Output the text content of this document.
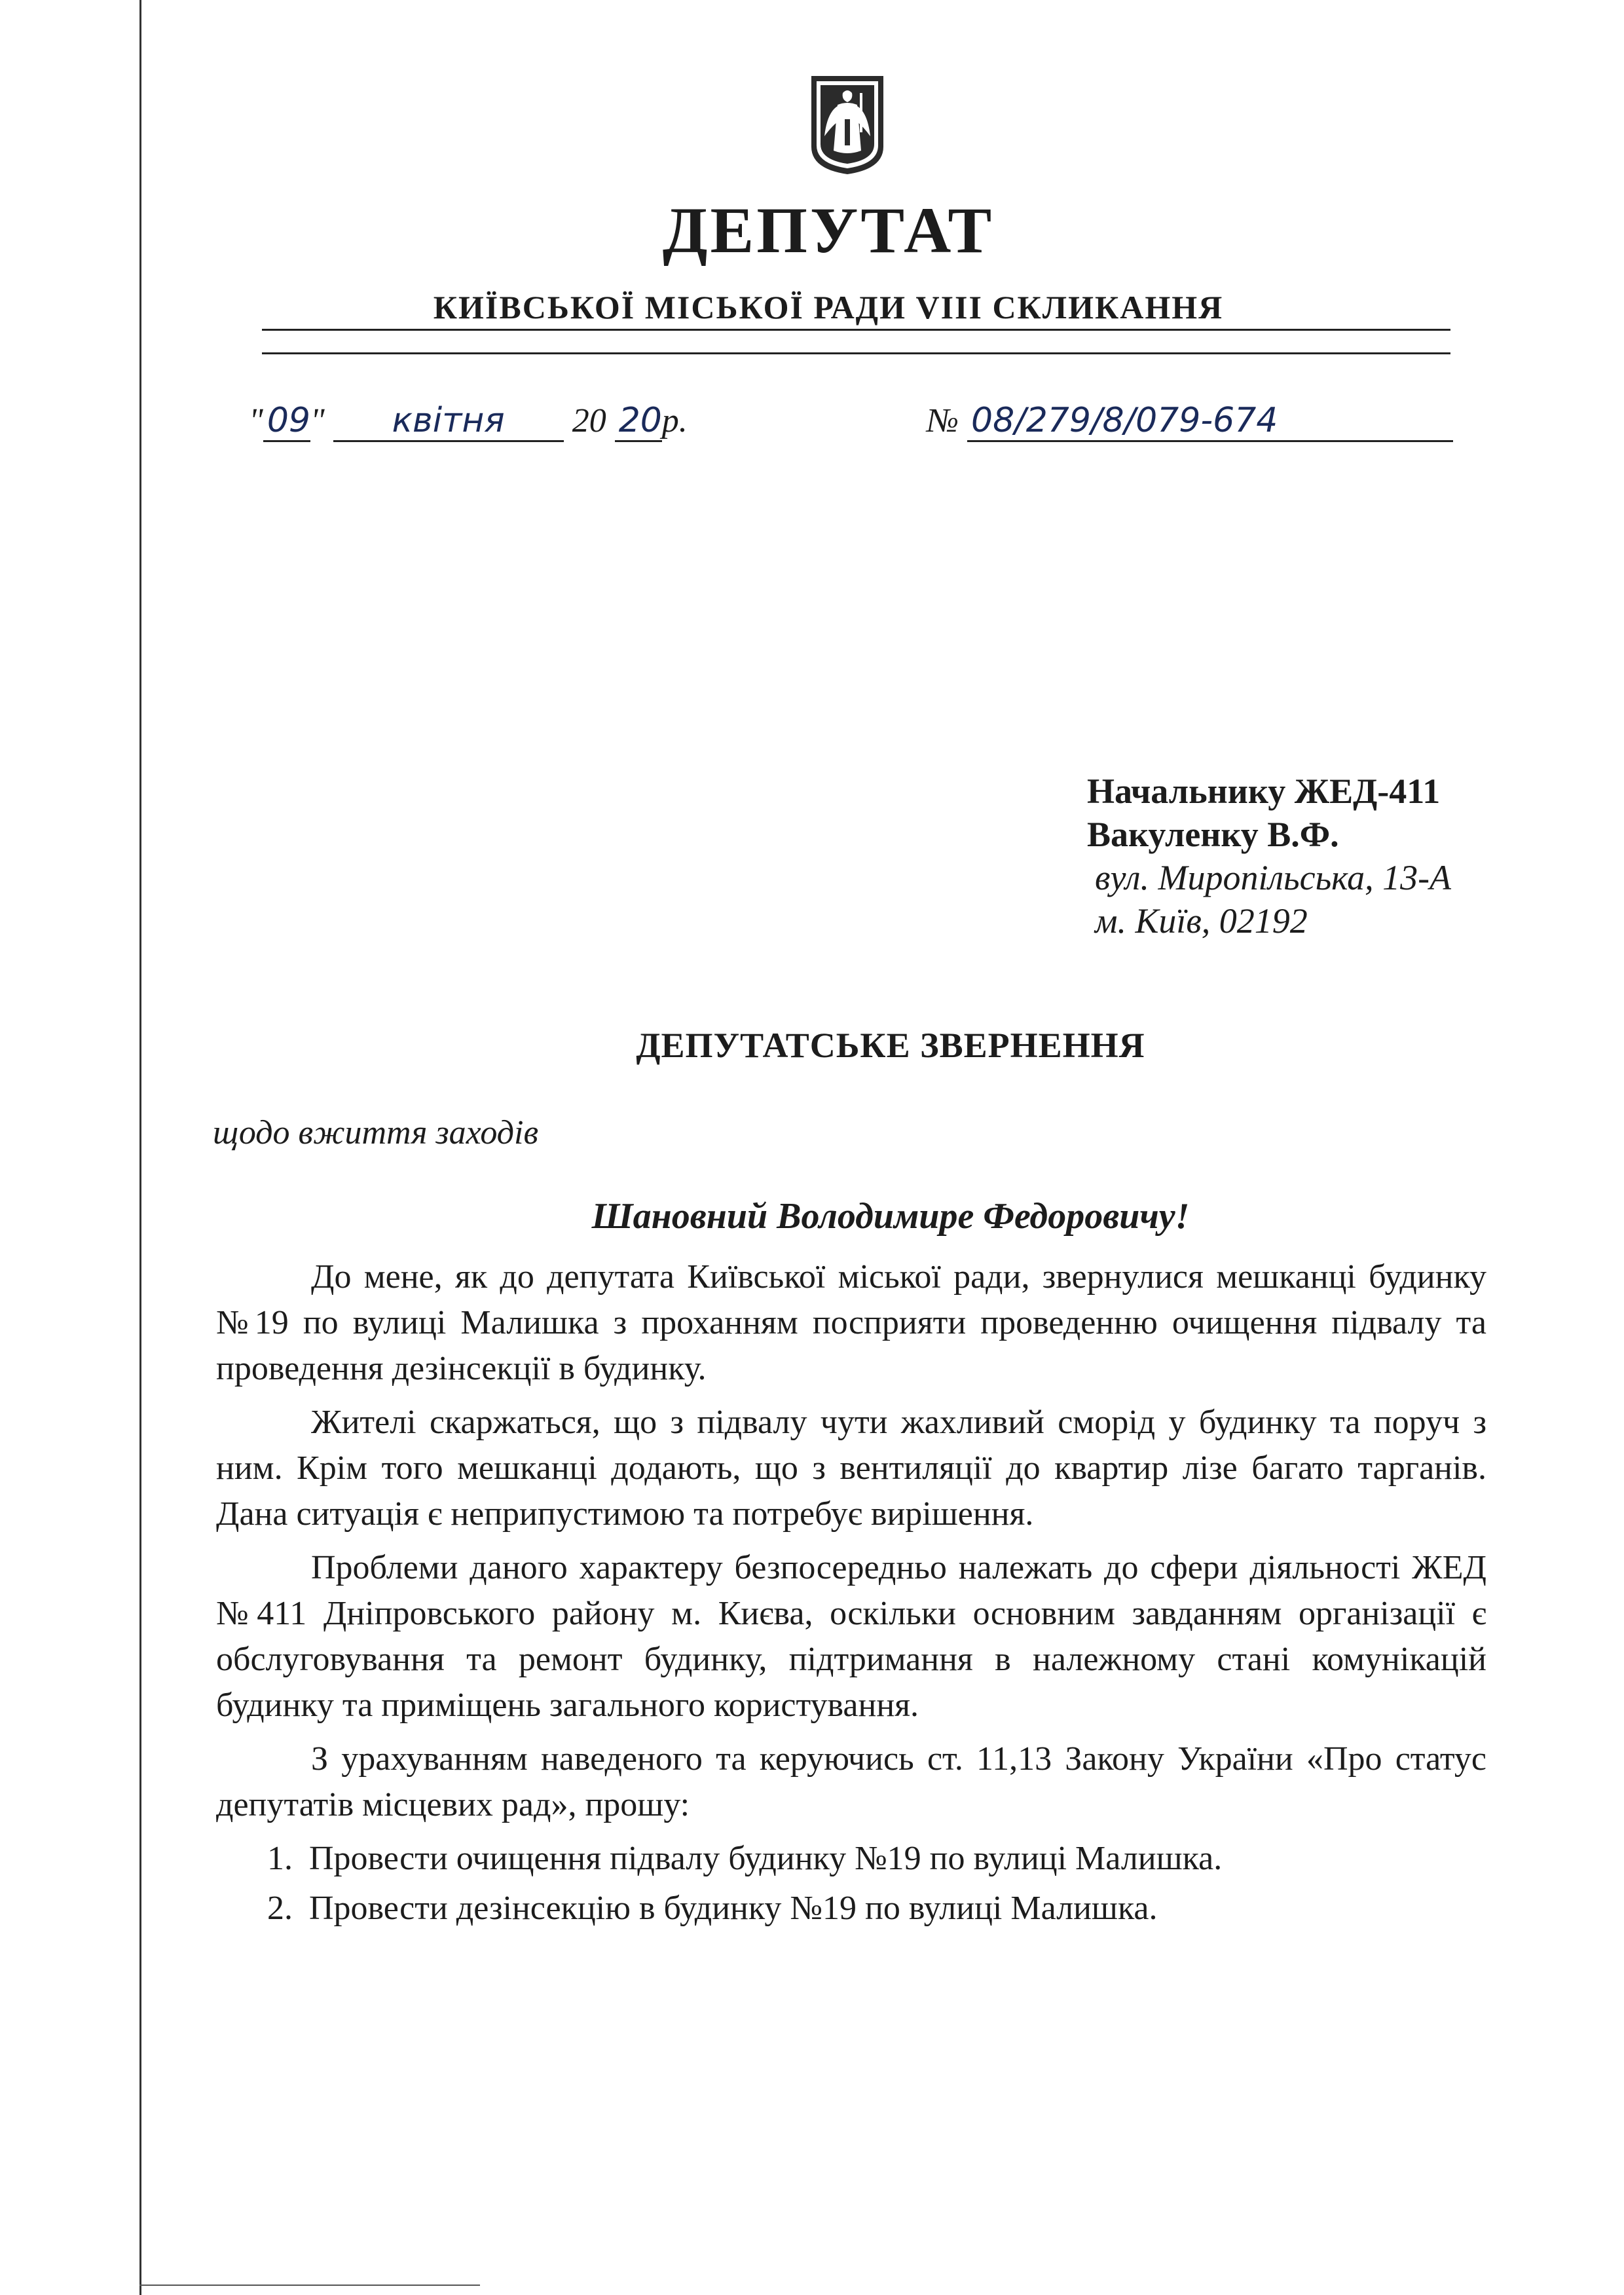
ДЕПУТАТ
КИЇВСЬКОЇ МІСЬКОЇ РАДИ VIII СКЛИКАННЯ
" 09" квітня 20 20р.	№ 08/279/8/079-674
Начальнику ЖЕД-411
Вакуленку В.Ф.
вул. Миропільська, 13-А
м. Київ, 02192
ДЕПУТАТСЬКЕ ЗВЕРНЕННЯ
щодо вжиття заходів
Шановний Володимире Федоровичу!

До мене, як до депутата Київської міської ради, звернулися мешканці будинку №19 по вулиці Малишка з проханням посприяти проведенню очищення підвалу та проведення дезінсекції в будинку.

Жителі скаржаться, що з підвалу чути жахливий сморід у будинку та поруч з ним. Крім того мешканці додають, що з вентиляції до квартир лізе багато тарганів. Дана ситуація є неприпустимою та потребує вирішення.

Проблеми даного характеру безпосередньо належать до сфери діяльності ЖЕД №411 Дніпровського району м. Києва, оскільки основним завданням організації є обслуговування та ремонт будинку, підтримання в належному стані комунікацій будинку та приміщень загального користування.

З урахуванням наведеного та керуючись ст. 11,13 Закону України «Про статус депутатів місцевих рад», прошу:

1. Провести очищення підвалу будинку №19 по вулиці Малишка.
2. Провести дезінсекцію в будинку №19 по вулиці Малишка.
